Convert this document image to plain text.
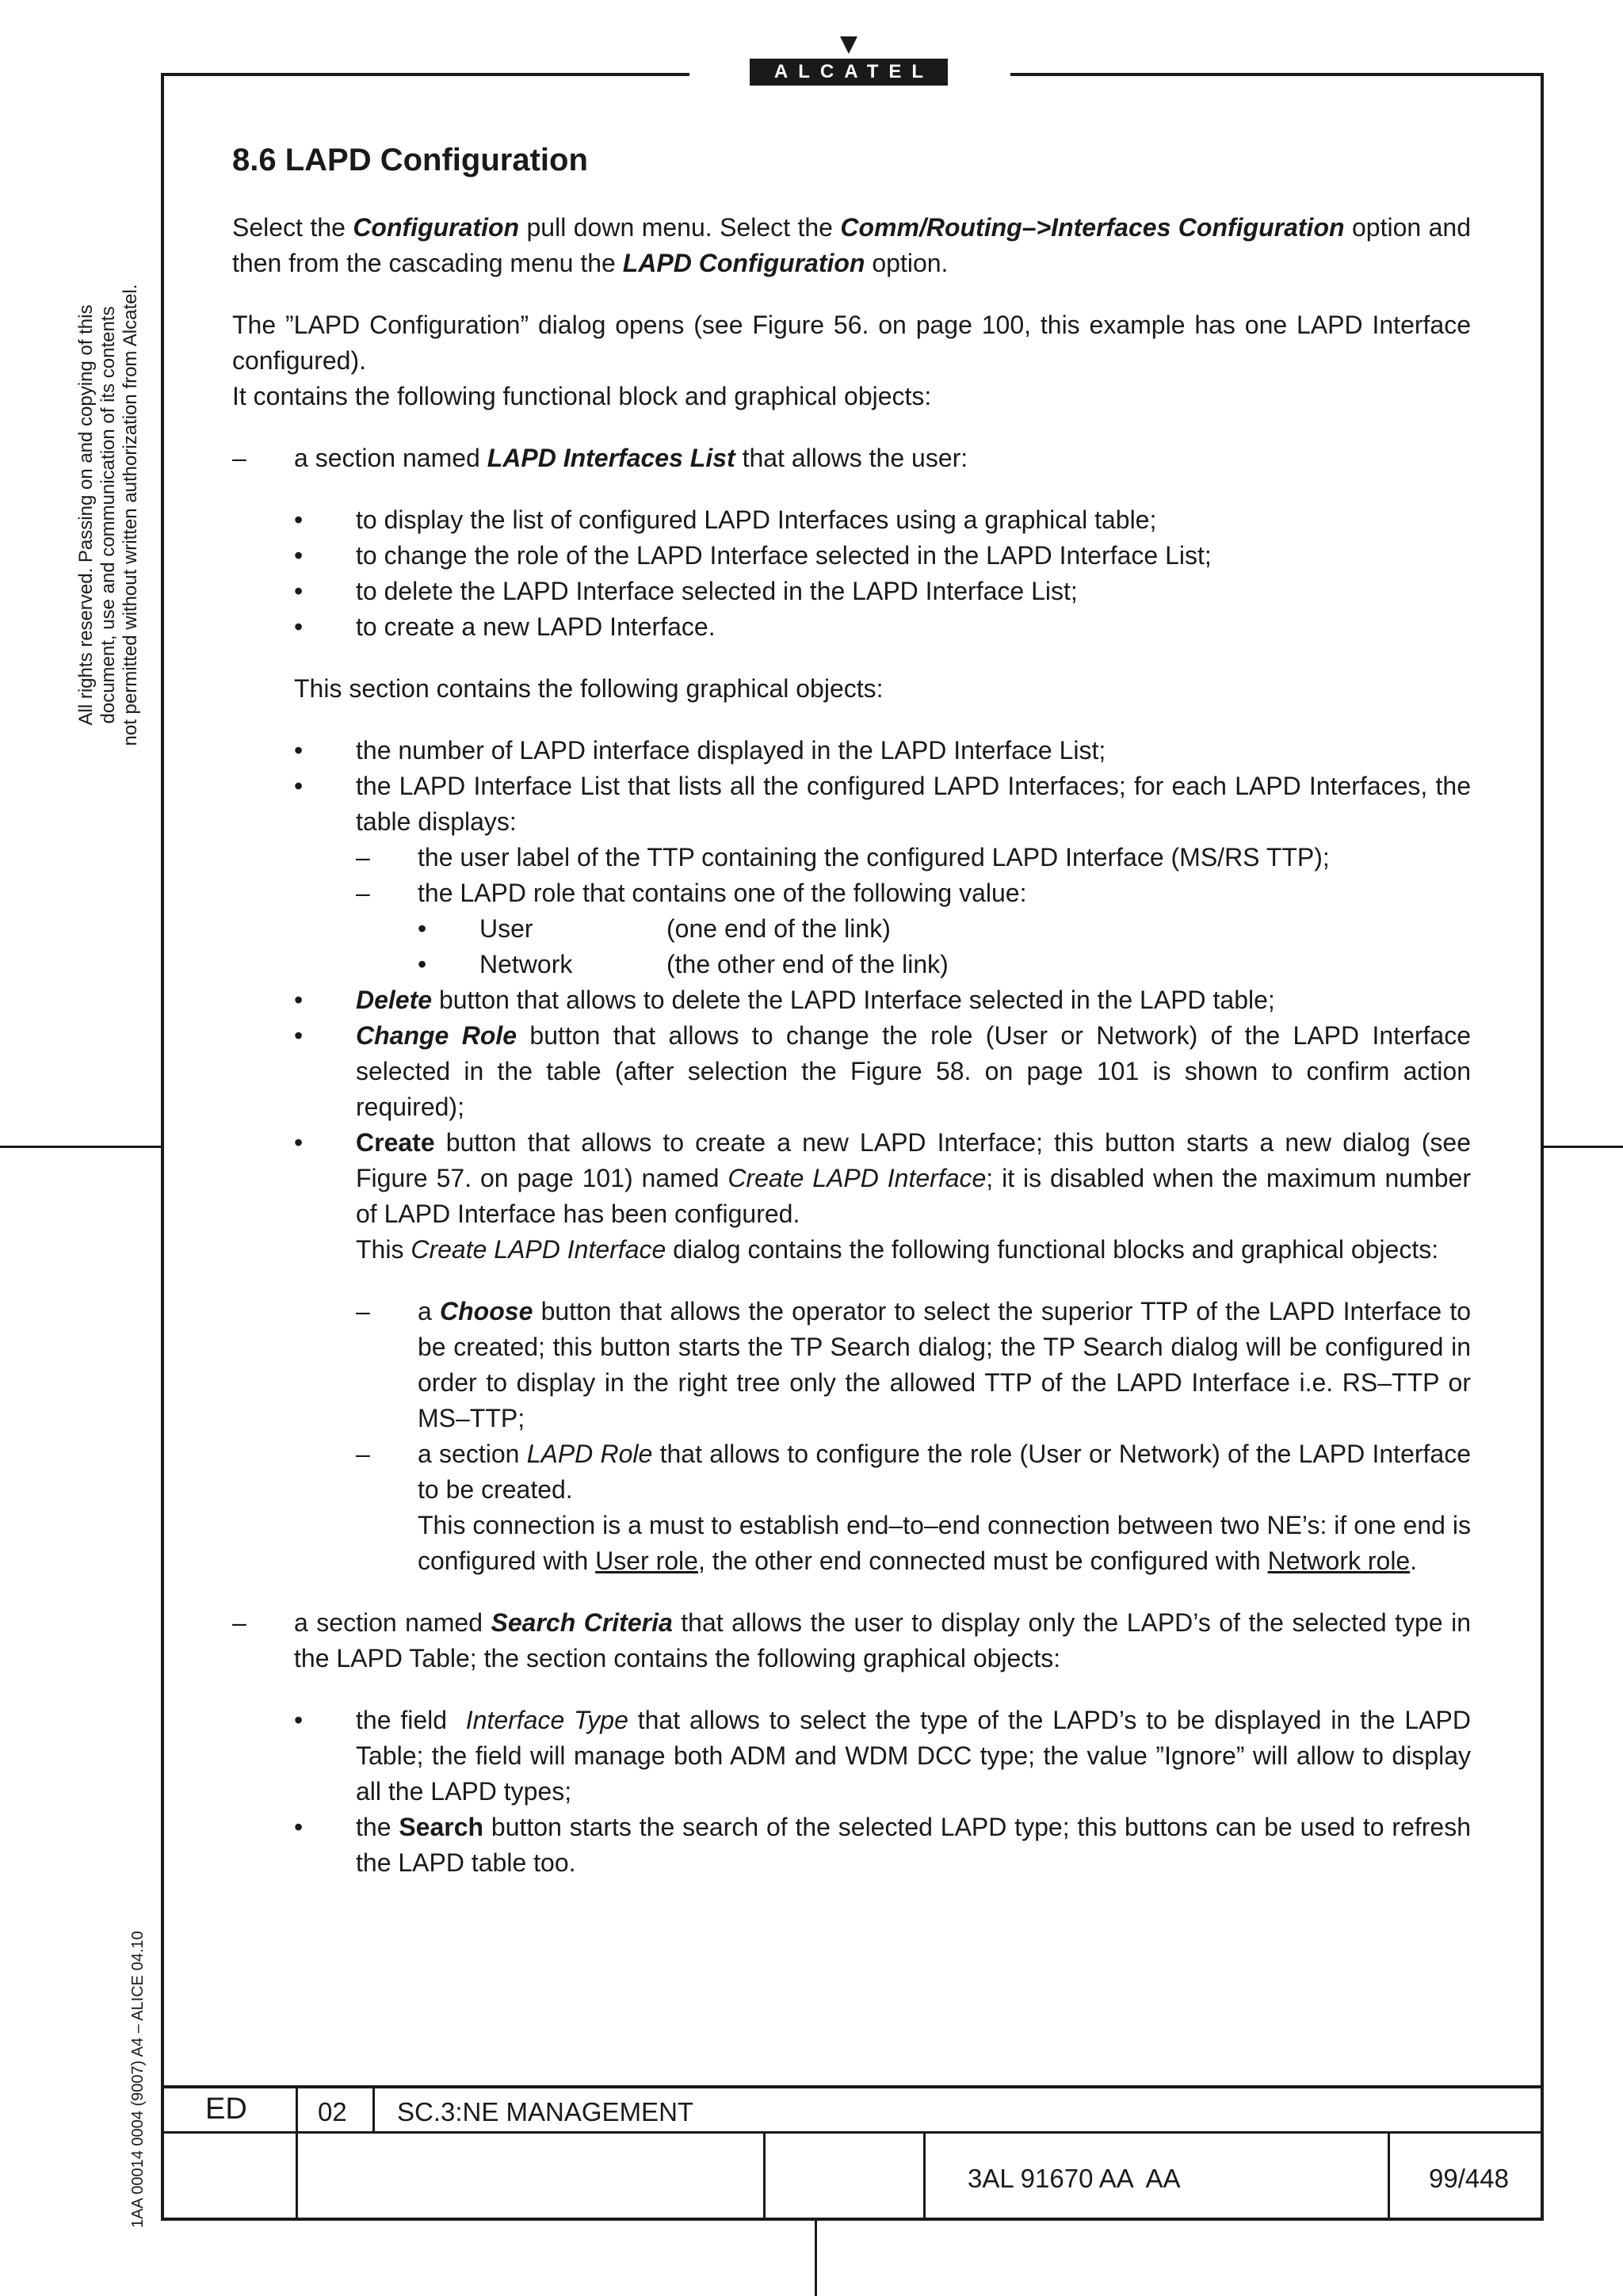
ALCATEL
All rights reserved. Passing on and copying of this document, use and communication of its contents not permitted without written authorization from Alcatel.
1AA 00014 0004 (9007) A4 – ALICE 04.10

8.6 LAPD Configuration

Select the Configuration pull down menu. Select the Comm/Routing–>Interfaces Configuration option and then from the cascading menu the LAPD Configuration option.

The ”LAPD Configuration” dialog opens (see Figure 56. on page 100, this example has one LAPD Interface configured).

It contains the following functional block and graphical objects:

– a section named LAPD Interfaces List that allows the user:
• to display the list of configured LAPD Interfaces using a graphical table;
• to change the role of the LAPD Interface selected in the LAPD Interface List;
• to delete the LAPD Interface selected in the LAPD Interface List;
• to create a new LAPD Interface.

This section contains the following graphical objects:

• the number of LAPD interface displayed in the LAPD Interface List;
• the LAPD Interface List that lists all the configured LAPD Interfaces; for each LAPD Interfaces, the table displays:
– the user label of the TTP containing the configured LAPD Interface (MS/RS TTP);
– the LAPD role that contains one of the following value:
• User	(one end of the link)
• Network	(the other end of the link)
• Delete button that allows to delete the LAPD Interface selected in the LAPD table;
• Change Role button that allows to change the role (User or Network) of the LAPD Interface selected in the table (after selection the Figure 58. on page 101 is shown to confirm action required);
• Create button that allows to create a new LAPD Interface; this button starts a new dialog (see Figure 57. on page 101) named Create LAPD Interface; it is disabled when the maximum number of LAPD Interface has been configured.
This Create LAPD Interface dialog contains the following functional blocks and graphical objects:
– a Choose button that allows the operator to select the superior TTP of the LAPD Interface to be created; this button starts the TP Search dialog; the TP Search dialog will be configured in order to display in the right tree only the allowed TTP of the LAPD Interface i.e. RS–TTP or MS–TTP;
– a section LAPD Role that allows to configure the role (User or Network) of the LAPD Interface to be created.
This connection is a must to establish end–to–end connection between two NE’s: if one end is configured with User role, the other end connected must be configured with Network role.
– a section named Search Criteria that allows the user to display only the LAPD’s of the selected type in the LAPD Table; the section contains the following graphical objects:
• the field  Interface Type that allows to select the type of the LAPD’s to be displayed in the LAPD Table; the field will manage both ADM and WDM DCC type; the value ”Ignore” will allow to display all the LAPD types;
• the Search button starts the search of the selected LAPD type; this buttons can be used to refresh the LAPD table too.
ED	02 SC.3:NE MANAGEMENT
3AL 91670 AA  AA	99/448
